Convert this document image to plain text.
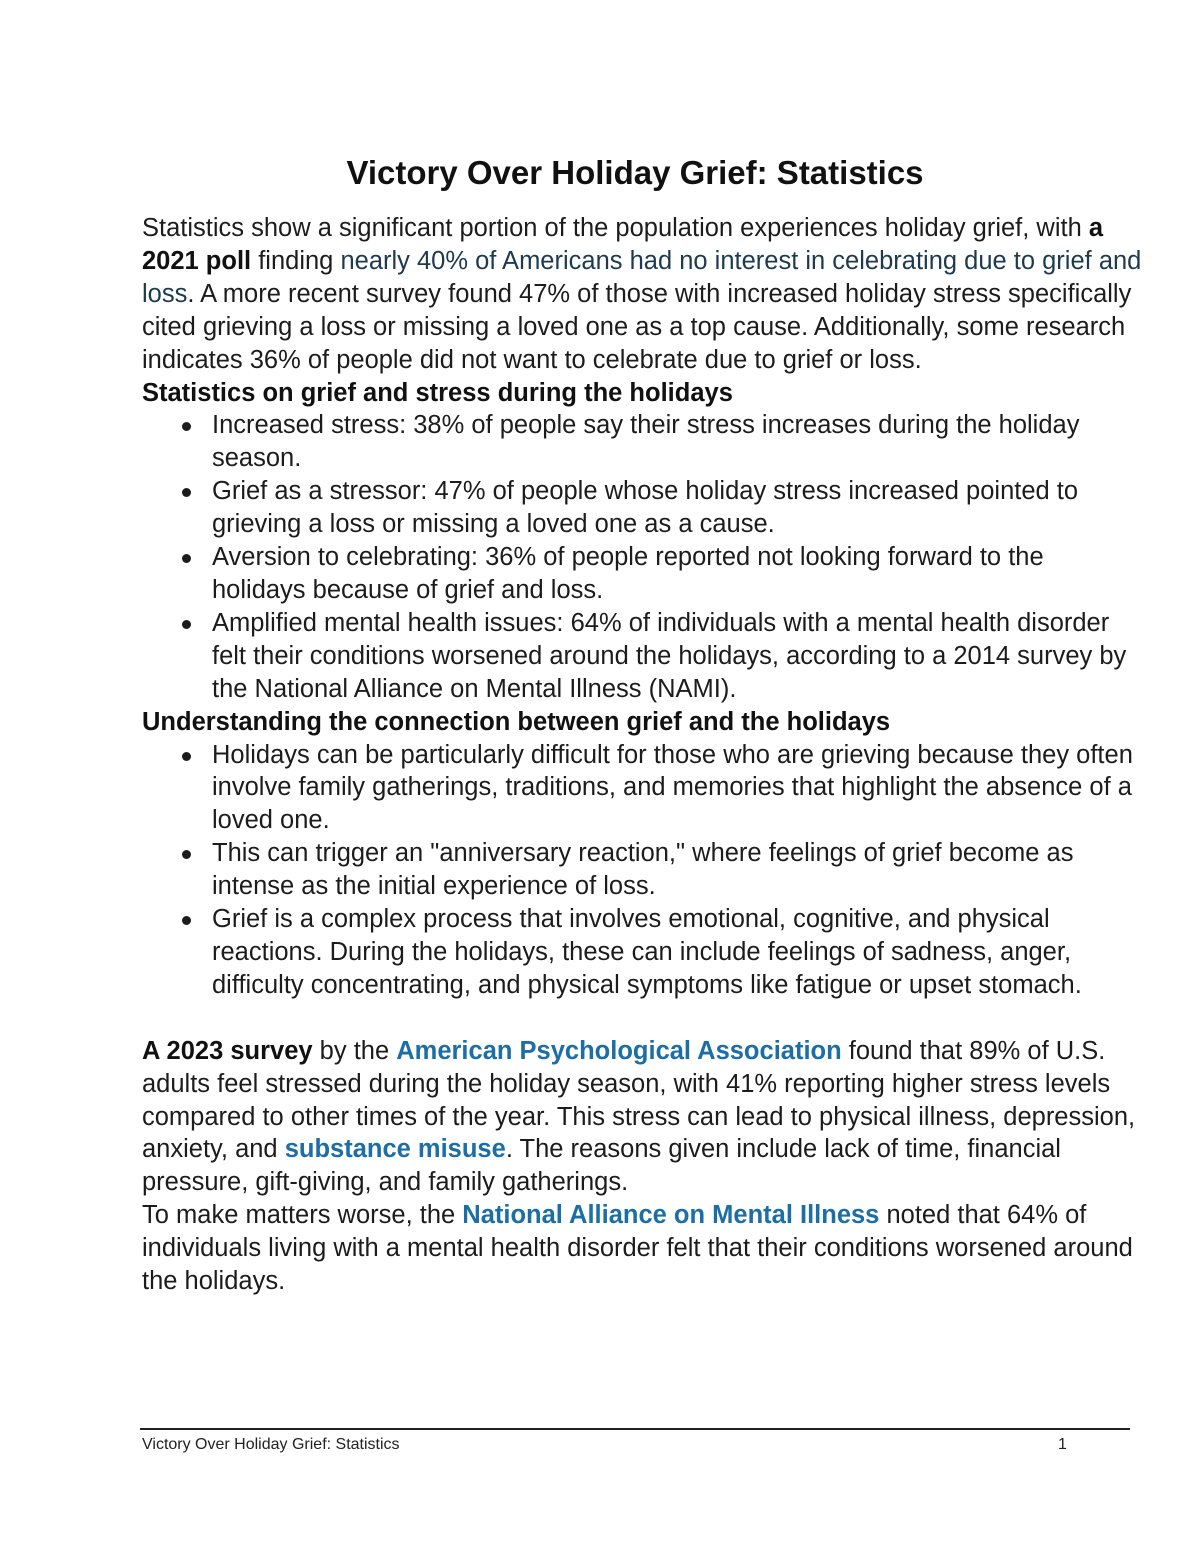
Victory Over Holiday Grief: Statistics

Statistics show a significant portion of the population experiences holiday grief, with a 2021 poll finding nearly 40% of Americans had no interest in celebrating due to grief and loss. A more recent survey found 47% of those with increased holiday stress specifically cited grieving a loss or missing a loved one as a top cause. Additionally, some research indicates 36% of people did not want to celebrate due to grief or loss.

Statistics on grief and stress during the holidays

Increased stress: 38% of people say their stress increases during the holiday season.
Grief as a stressor: 47% of people whose holiday stress increased pointed to grieving a loss or missing a loved one as a cause.
Aversion to celebrating: 36% of people reported not looking forward to the holidays because of grief and loss.
Amplified mental health issues: 64% of individuals with a mental health disorder felt their conditions worsened around the holidays, according to a 2014 survey by the National Alliance on Mental Illness (NAMI).

Understanding the connection between grief and the holidays

Holidays can be particularly difficult for those who are grieving because they often involve family gatherings, traditions, and memories that highlight the absence of a loved one.
This can trigger an "anniversary reaction," where feelings of grief become as intense as the initial experience of loss.
Grief is a complex process that involves emotional, cognitive, and physical reactions. During the holidays, these can include feelings of sadness, anger, difficulty concentrating, and physical symptoms like fatigue or upset stomach.

A 2023 survey by the American Psychological Association found that 89% of U.S. adults feel stressed during the holiday season, with 41% reporting higher stress levels compared to other times of the year. This stress can lead to physical illness, depression, anxiety, and substance misuse. The reasons given include lack of time, financial pressure, gift-giving, and family gatherings.

To make matters worse, the National Alliance on Mental Illness noted that 64% of individuals living with a mental health disorder felt that their conditions worsened around the holidays.

Victory Over Holiday Grief: Statistics	1
